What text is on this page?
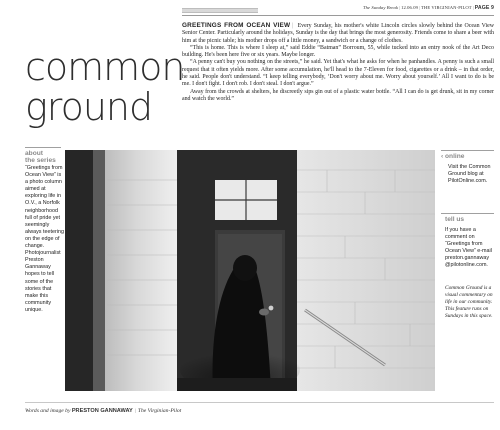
The Sunday Break|12.06.09|THE VIRGINIAN-PILOT|PAGE 9
common
ground

GREETINGS FROM OCEAN VIEW | Every Sunday, his mother's white Lincoln circles slowly behind the Ocean View Senior Center. Particularly around the holidays, Sunday is the day that brings the most generosity. Friends come to share a beer with him at the picnic table; his mother drops off a little money, a sandwich or a change of clothes.

“This is home. This is where I sleep at,” said Eddie “Batman” Borroum, 55, while tucked into an entry nook of the Art Deco building. He's been here five or six years. Maybe longer.

“A penny can't buy you nothing on the streets,” he said. Yet that's what he asks for when he panhandles. A penny is such a small request that it often yields more. After some accumulation, he'll head to the 7-Eleven for food, cigarettes or a drink – in that order, he said. People don't understand. “I keep telling everybody, ‘Don't worry about me. Worry about yourself.’ All I want to do is be me. I don't fight. I don't rob. I don't steal. I don't argue.”

Away from the crowds at shelters, he discreetly sips gin out of a plastic water bottle. “All I can do is get drunk, sit in my corner and watch the world.”

about
the series
“Greetings from Ocean View” is a photo column aimed at exploring life in O.V., a Norfolk neighborhood full of pride yet seemingly always teetering on the edge of change. Photojournalist Preston Gannaway hopes to tell some of the stories that make this community unique.
‹ online
Visit the Common Ground blog at PilotOnline.com.
tell us
If you have a comment on “Greetings from Ocean View” e-mail preston.gannaway @pilotonline.com.
Common Ground is a visual commentary on life in our community. This feature runs on Sundays in this space.
Words and image by PRESTON GANNAWAY | The Virginian-Pilot
